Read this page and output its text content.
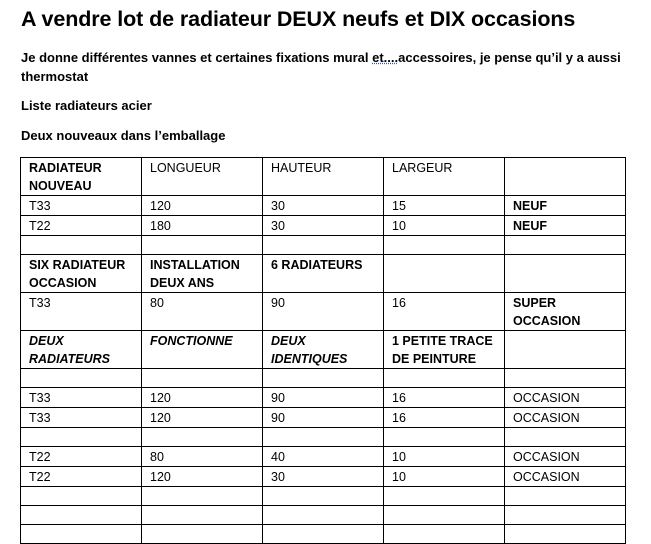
A vendre lot de radiateur DEUX neufs et DIX occasions
Je donne différentes vannes et certaines fixations mural et....accessoires, je pense qu’il y a aussi thermostat
Liste radiateurs acier
Deux nouveaux dans l’emballage
RADIATEUR NOUVEAU	LONGUEUR	HAUTEUR	LARGEUR	
T33	120	30	15	NEUF
T22	180	30	10	NEUF

SIX RADIATEUR OCCASION	INSTALLATION DEUX ANS	6 RADIATEURS		
T33	80	90	16	SUPER OCCASION
DEUX RADIATEURS	FONCTIONNE	DEUX IDENTIQUES	1 PETITE TRACE DE PEINTURE	

T33	120	90	16	OCCASION
T33	120	90	16	OCCASION

T22	80	40	10	OCCASION
T22	120	30	10	OCCASION
